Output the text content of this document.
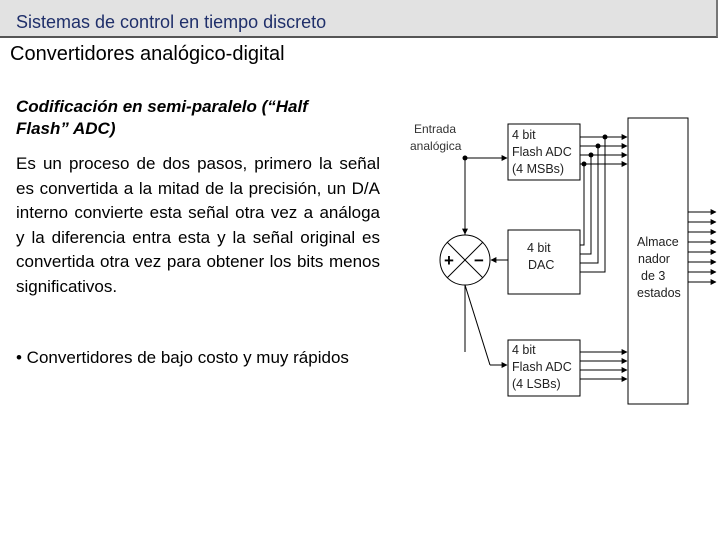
Sistemas de control en tiempo discreto
Convertidores analógico-digital
Codificación en semi-paralelo (“Half
Flash” ADC)
Es un proceso de dos pasos, primero la señal es convertida a la mitad de la precisión, un D/A interno convierte esta señal otra vez a análoga y la diferencia entra esta y la señal original es convertida otra vez para obtener los bits menos significativos.
• Convertidores de bajo costo y muy rápidos
Entrada
analógica
4 bit
Flash ADC
(4 MSBs)
+ −
4 bit
DAC
4 bit
Flash ADC
(4 LSBs)
Almace
nador
de 3
estados
